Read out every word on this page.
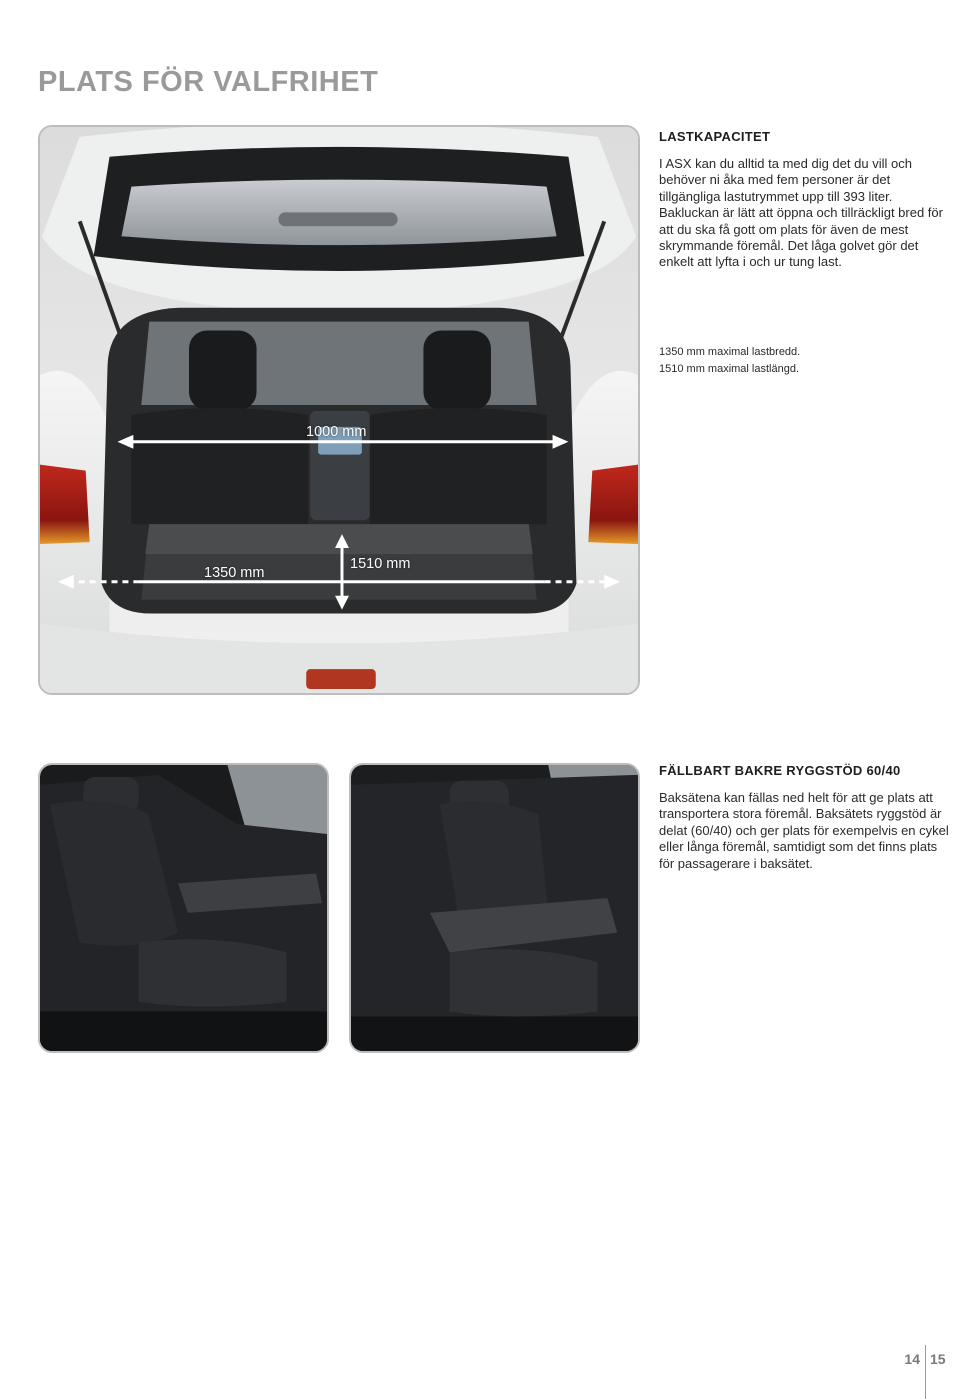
PLATS FÖR VALFRIHET
1000 mm
1350 mm
1510 mm
LASTKAPACITET

I ASX kan du alltid ta med dig det du vill och behöver ni åka med fem personer är det tillgängliga lastutrymmet upp till 393 liter. Bakluckan är lätt att öppna och tillräckligt bred för att du ska få gott om plats för även de mest skrymmande föremål. Det låga golvet gör det enkelt att lyfta i och ur tung last.

1350 mm maximal lastbredd.
1510 mm maximal lastlängd.
FÄLLBART BAKRE RYGGSTÖD 60/40

Baksätena kan fällas ned helt för att ge plats att transportera stora föremål. Baksätets ryggstöd är delat (60/40) och ger plats för exempelvis en cykel eller långa föremål, samtidigt som det finns plats för passagerare i baksätet.

14 15
